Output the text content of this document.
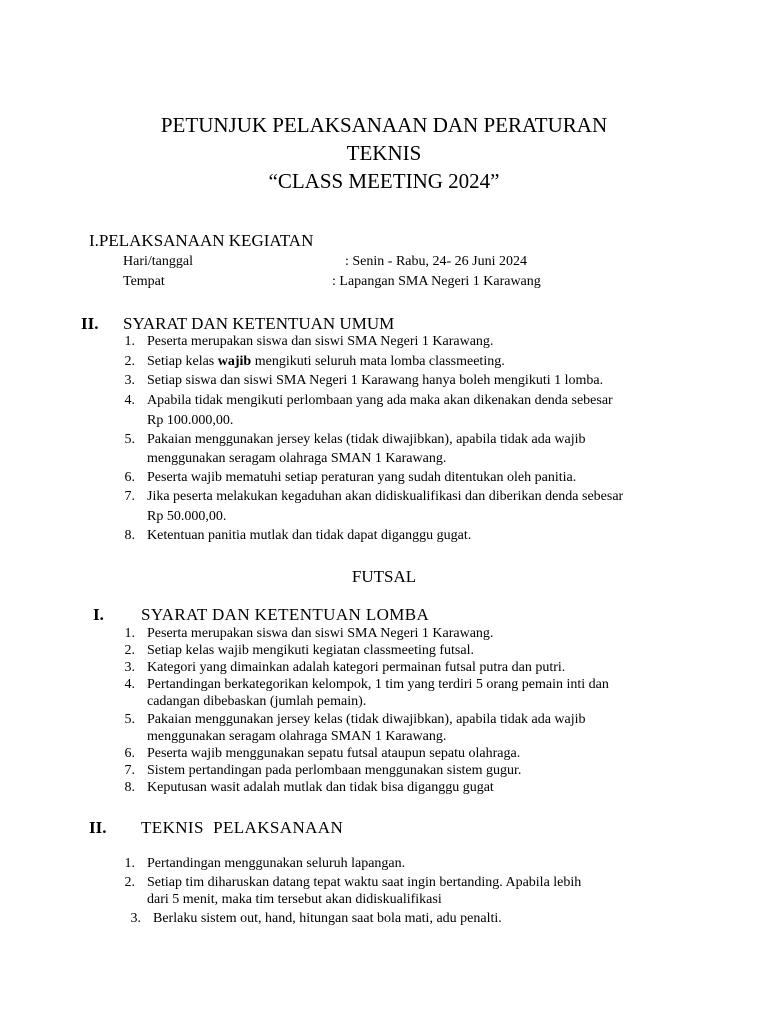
PETUNJUK PELAKSANAAN DAN PERATURAN
TEKNIS
“CLASS MEETING 2024”
I.PELAKSANAAN KEGIATAN
Hari/tanggal	: Senin - Rabu, 24- 26 Juni 2024
Tempat	: Lapangan SMA Negeri 1 Karawang
II. SYARAT DAN KETENTUAN UMUM
1. Peserta merupakan siswa dan siswi SMA Negeri 1 Karawang.
2. Setiap kelas wajib mengikuti seluruh mata lomba classmeeting.
3. Setiap siswa dan siswi SMA Negeri 1 Karawang hanya boleh mengikuti 1 lomba.
4. Apabila tidak mengikuti perlombaan yang ada maka akan dikenakan denda sebesar
Rp 100.000,00.
5. Pakaian menggunakan jersey kelas (tidak diwajibkan), apabila tidak ada wajib
menggunakan seragam olahraga SMAN 1 Karawang.
6. Peserta wajib mematuhi setiap peraturan yang sudah ditentukan oleh panitia.
7. Jika peserta melakukan kegaduhan akan didiskualifikasi dan diberikan denda sebesar
Rp 50.000,00.
8. Ketentuan panitia mutlak dan tidak dapat diganggu gugat.
FUTSAL
I. SYARAT DAN KETENTUAN LOMBA
1. Peserta merupakan siswa dan siswi SMA Negeri 1 Karawang.
2. Setiap kelas wajib mengikuti kegiatan classmeeting futsal.
3. Kategori yang dimainkan adalah kategori permainan futsal putra dan putri.
4. Pertandingan berkategorikan kelompok, 1 tim yang terdiri 5 orang pemain inti dan
cadangan dibebaskan (jumlah pemain).
5. Pakaian menggunakan jersey kelas (tidak diwajibkan), apabila tidak ada wajib
menggunakan seragam olahraga SMAN 1 Karawang.
6. Peserta wajib menggunakan sepatu futsal ataupun sepatu olahraga.
7. Sistem pertandingan pada perlombaan menggunakan sistem gugur.
8. Keputusan wasit adalah mutlak dan tidak bisa diganggu gugat
II. TEKNIS  PELAKSANAAN
1. Pertandingan menggunakan seluruh lapangan.
2. Setiap tim diharuskan datang tepat waktu saat ingin bertanding. Apabila lebih
dari 5 menit, maka tim tersebut akan didiskualifikasi
3. Berlaku sistem out, hand, hitungan saat bola mati, adu penalti.
